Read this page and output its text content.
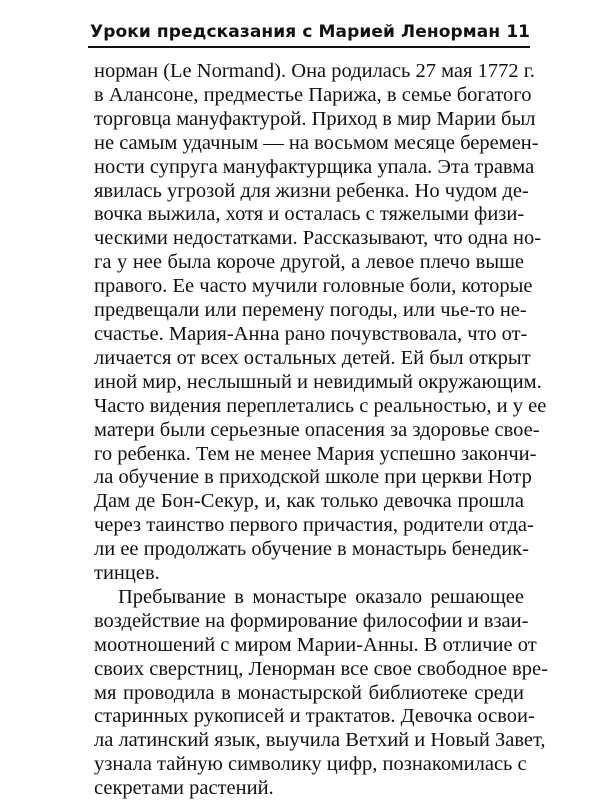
Уроки предсказания с Марией Ленорман 11

норман (Le Normand). Она родилась 27 мая 1772 г.
в Алансоне, предместье Парижа, в семье богатого
торговца мануфактурой. Приход в мир Марии был
не самым удачным — на восьмом месяце беремен-
ности супруга мануфактурщика упала. Эта травма
явилась угрозой для жизни ребенка. Но чудом де-
вочка выжила, хотя и осталась с тяжелыми физи-
ческими недостатками. Рассказывают, что одна но-
га у нее была короче другой, а левое плечо выше
правого. Ее часто мучили головные боли, которые
предвещали или перемену погоды, или чье-то не-
счастье. Мария-Анна рано почувствовала, что от-
личается от всех остальных детей. Ей был открыт
иной мир, неслышный и невидимый окружающим.
Часто видения переплетались с реальностью, и у ее
матери были серьезные опасения за здоровье свое-
го ребенка. Тем не менее Мария успешно закончи-
ла обучение в приходской школе при церкви Нотр
Дам де Бон-Секур, и, как только девочка прошла
через таинство первого причастия, родители отда-
ли ее продолжать обучение в монастырь бенедик-
тинцев.

Пребывание в монастыре оказало решающее
воздействие на формирование философии и взаи-
моотношений с миром Марии-Анны. В отличие от
своих сверстниц, Ленорман все свое свободное вре-
мя проводила в монастырской библиотеке среди
старинных рукописей и трактатов. Девочка освои-
ла латинский язык, выучила Ветхий и Новый Завет,
узнала тайную символику цифр, познакомилась с
секретами растений.
